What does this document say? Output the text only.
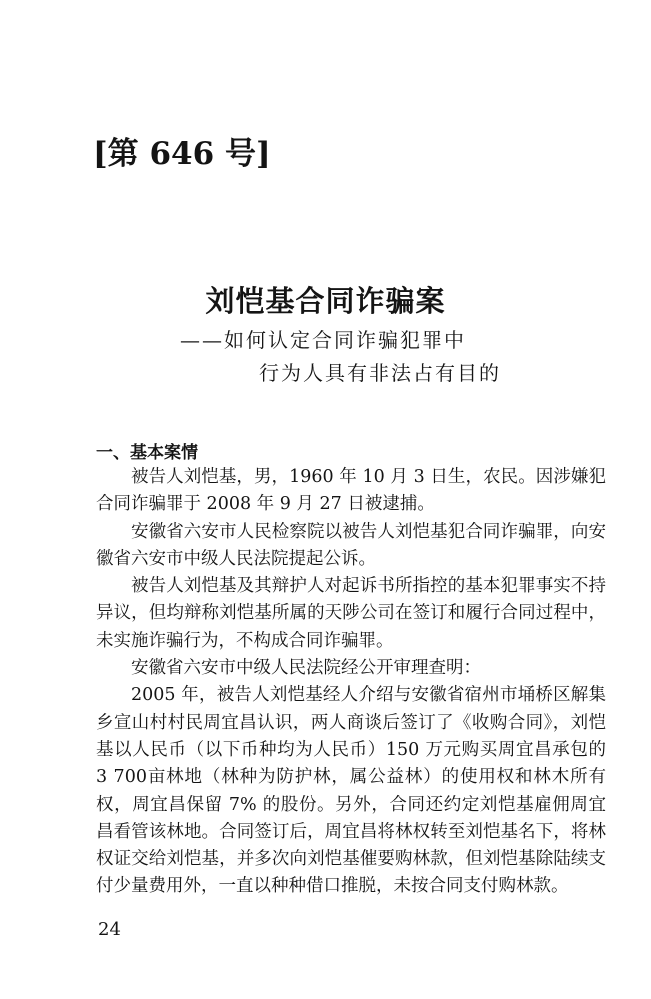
[第 646 号]
刘恺基合同诈骗案
——如何认定合同诈骗犯罪中
行为人具有非法占有目的
一、基本案情

被告人刘恺基，男，1960 年 10 月 3 日生，农民。因涉嫌犯合同诈骗罪于 2008 年 9 月 27 日被逮捕。

安徽省六安市人民检察院以被告人刘恺基犯合同诈骗罪，向安徽省六安市中级人民法院提起公诉。

被告人刘恺基及其辩护人对起诉书所指控的基本犯罪事实不持异议，但均辩称刘恺基所属的天陟公司在签订和履行合同过程中，未实施诈骗行为，不构成合同诈骗罪。

安徽省六安市中级人民法院经公开审理查明：

2005 年，被告人刘恺基经人介绍与安徽省宿州市埇桥区解集乡宣山村村民周宜昌认识，两人商谈后签订了《收购合同》，刘恺基以人民币（以下币种均为人民币）150 万元购买周宜昌承包的 3 700亩林地（林种为防护林，属公益林）的使用权和林木所有权，周宜昌保留 7% 的股份。另外，合同还约定刘恺基雇佣周宜昌看管该林地。合同签订后，周宜昌将林权转至刘恺基名下，将林权证交给刘恺基，并多次向刘恺基催要购林款，但刘恺基除陆续支付少量费用外，一直以种种借口推脱，未按合同支付购林款。

24
